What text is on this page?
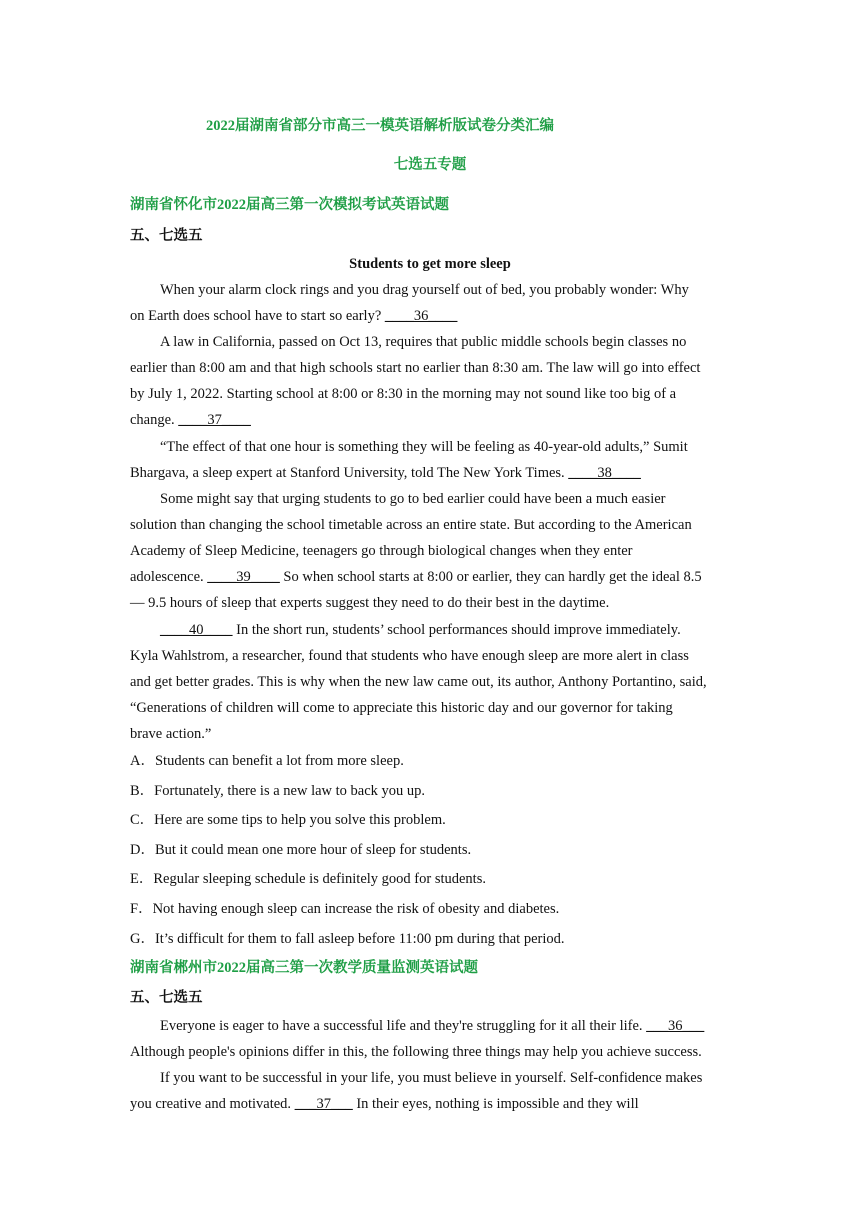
2022届湖南省部分市高三一模英语解析版试卷分类汇编
七选五专题
湖南省怀化市2022届高三第一次模拟考试英语试题
五、七选五
Students to get more sleep
When your alarm clock rings and you drag yourself out of bed, you probably wonder: Why
on Earth does school have to start so early? ____36____
A law in California, passed on Oct 13, requires that public middle schools begin classes no
earlier than 8:00 am and that high schools start no earlier than 8:30 am. The law will go into effect
by July 1, 2022. Starting school at 8:00 or 8:30 in the morning may not sound like too big of a
change. ____37____
“The effect of that one hour is something they will be feeling as 40-year-old adults,” Sumit
Bhargava, a sleep expert at Stanford University, told The New York Times. ____38____
Some might say that urging students to go to bed earlier could have been a much easier
solution than changing the school timetable across an entire state. But according to the American
Academy of Sleep Medicine, teenagers go through biological changes when they enter
adolescence. ____39____ So when school starts at 8:00 or earlier, they can hardly get the ideal 8.5
— 9.5 hours of sleep that experts suggest they need to do their best in the daytime.
____40____ In the short run, students’ school performances should improve immediately.
Kyla Wahlstrom, a researcher, found that students who have enough sleep are more alert in class
and get better grades. This is why when the new law came out, its author, Anthony Portantino, said,
“Generations of children will come to appreciate this historic day and our governor for taking
brave action.”
A．Students can benefit a lot from more sleep.
B．Fortunately, there is a new law to back you up.
C．Here are some tips to help you solve this problem.
D．But it could mean one more hour of sleep for students.
E．Regular sleeping schedule is definitely good for students.
F．Not having enough sleep can increase the risk of obesity and diabetes.
G．It’s difficult for them to fall asleep before 11:00 pm during that period.
湖南省郴州市2022届高三第一次教学质量监测英语试题
五、七选五
Everyone is eager to have a successful life and they're struggling for it all their life. ___36___
Although people's opinions differ in this, the following three things may help you achieve success.
If you want to be successful in your life, you must believe in yourself. Self-confidence makes
you creative and motivated. ___37___ In their eyes, nothing is impossible and they will
